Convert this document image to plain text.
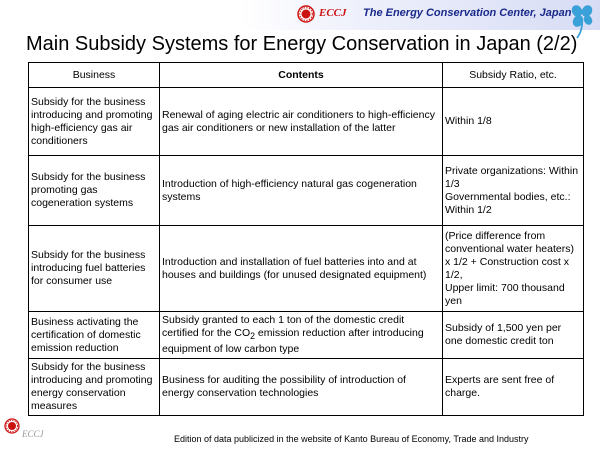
ECCJ The Energy Conservation Center, Japan
Main Subsidy Systems for Energy Conservation in Japan (2/2)
Business	Contents	Subsidy Ratio, etc.
Subsidy for the business introducing and promoting high-efficiency gas air conditioners	Renewal of aging electric air conditioners to high-efficiency gas air conditioners or new installation of the latter	Within 1/8
Subsidy for the business promoting gas cogeneration systems	Introduction of high-efficiency natural gas cogeneration systems	Private organizations: Within 1/3
Governmental bodies, etc.: Within 1/2

Subsidy for the business introducing fuel batteries for consumer use	Introduction and installation of fuel batteries into and at houses and buildings (for unused designated equipment)	(Price difference from conventional water heaters) x 1/2 + Construction cost x 1/2,
Upper limit: 700 thousand yen

Business activating the certification of domestic emission reduction	Subsidy granted to each 1 ton of the domestic credit certified for the $CO_2$ emission reduction after introducing equipment of low carbon type	Subsidy of 1,500 yen per one domestic credit ton
Subsidy for the business introducing and promoting energy conservation measures	Business for auditing the possibility of introduction of energy conservation technologies	Experts are sent free of charge.
ECCJ	Edition of data publicized in the website of Kanto Bureau of Economy, Trade and Industry
